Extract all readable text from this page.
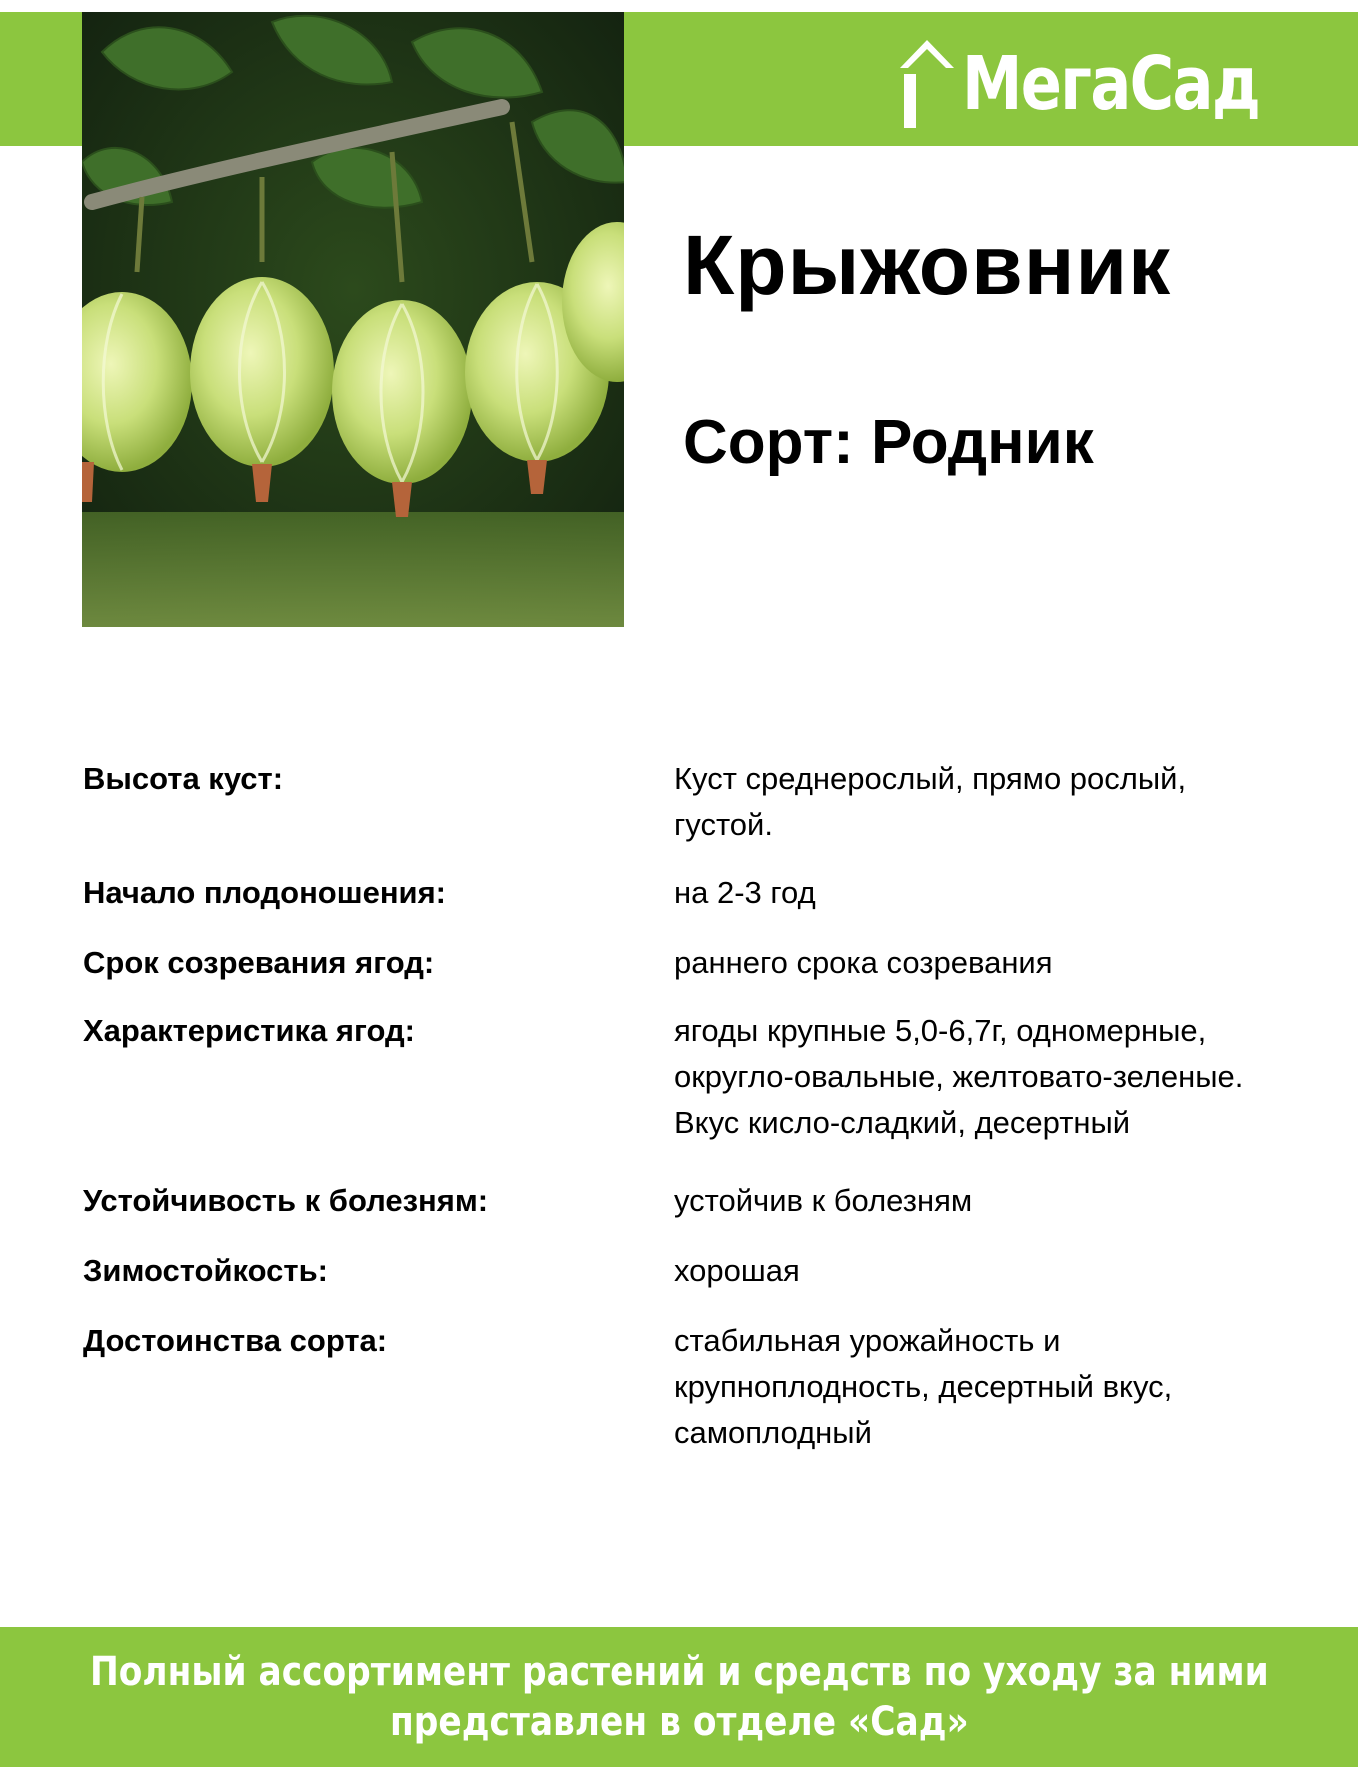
МегаСад
Крыжовник
Сорт: Родник
Высота куст:	Куст среднерослый, прямо рослый, густой.
Начало плодоношения:	на 2-3 год
Срок созревания ягод:	раннего срока созревания
Характеристика ягод:	ягоды крупные 5,0-6,7г, одномерные, округло-овальные, желтовато-зеленые. Вкус кисло-сладкий, десертный
Устойчивость к болезням:	устойчив к болезням
Зимостойкость:	хорошая
Достоинства сорта:	стабильная урожайность и крупноплодность, десертный вкус, самоплодный
Полный ассортимент растений и средств по уходу за ними
представлен в отделе «Сад»
